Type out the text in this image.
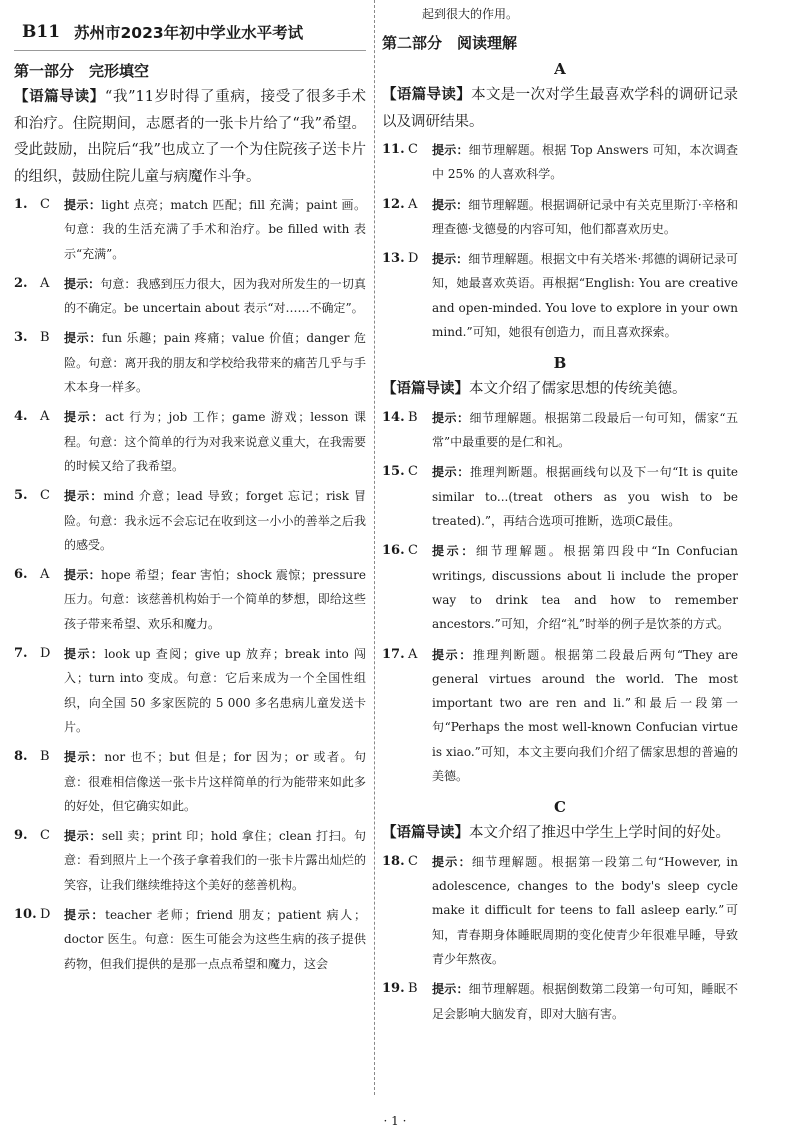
B11 苏州市2023年初中学业水平考试
第一部分　完形填空
【语篇导读】“我”11岁时得了重病，接受了很多手术和治疗。住院期间，志愿者的一张卡片给了“我”希望。受此鼓励，出院后“我”也成立了一个为住院孩子送卡片的组织，鼓励住院儿童与病魔作斗争。
1. C	提示：light 点亮；match 匹配；fill 充满；paint 画。句意：我的生活充满了手术和治疗。be filled with 表示“充满”。
2. A	提示：句意：我感到压力很大，因为我对所发生的一切真的不确定。be uncertain about 表示“对……不确定”。
3. B	提示：fun 乐趣；pain 疼痛；value 价值；danger 危险。句意：离开我的朋友和学校给我带来的痛苦几乎与手术本身一样多。
4. A	提示：act 行为；job 工作；game 游戏；lesson 课程。句意：这个简单的行为对我来说意义重大，在我需要的时候又给了我希望。
5. C	提示：mind 介意；lead 导致；forget 忘记；risk 冒险。句意：我永远不会忘记在收到这一小小的善举之后我的感受。
6. A	提示：hope 希望；fear 害怕；shock 震惊；pressure 压力。句意：该慈善机构始于一个简单的梦想，即给这些孩子带来希望、欢乐和魔力。
7. D	提示：look up 查阅；give up 放弃；break into 闯入；turn into 变成。句意：它后来成为一个全国性组织，向全国 50 多家医院的 5 000 多名患病儿童发送卡片。
8. B	提示：nor 也不；but 但是；for 因为；or 或者。句意：很难相信像送一张卡片这样简单的行为能带来如此多的好处，但它确实如此。
9. C	提示：sell 卖；print 印；hold 拿住；clean 打扫。句意：看到照片上一个孩子拿着我们的一张卡片露出灿烂的笑容，让我们继续维持这个美好的慈善机构。
10. D	提示：teacher 老师；friend 朋友；patient 病人；doctor 医生。句意：医生可能会为这些生病的孩子提供药物，但我们提供的是那一点点希望和魔力，这会
起到很大的作用。
第二部分　阅读理解
A
【语篇导读】本文是一次对学生最喜欢学科的调研记录以及调研结果。
11. C	提示：细节理解题。根据 Top Answers 可知，本次调查中 25% 的人喜欢科学。
12. A	提示：细节理解题。根据调研记录中有关克里斯汀·辛格和理查德·戈德曼的内容可知，他们都喜欢历史。
13. D	提示：细节理解题。根据文中有关塔米·邦德的调研记录可知，她最喜欢英语。再根据“English: You are creative and open-minded. You love to explore in your own mind.”可知，她很有创造力，而且喜欢探索。
B
【语篇导读】本文介绍了儒家思想的传统美德。
14. B	提示：细节理解题。根据第二段最后一句可知，儒家“五常”中最重要的是仁和礼。
15. C	提示：推理判断题。根据画线句以及下一句“It is quite similar to...(treat others as you wish to be treated).”，再结合选项可推断，选项C最佳。
16. C	提示：细节理解题。根据第四段中“In Confucian writings, discussions about li include the proper way to drink tea and how to remember ancestors.”可知，介绍“礼”时举的例子是饮茶的方式。
17. A	提示：推理判断题。根据第二段最后两句“They are general virtues around the world. The most important two are ren and li.”和最后一段第一句“Perhaps the most well-known Confucian virtue is xiao.”可知，本文主要向我们介绍了儒家思想的普遍的美德。
C
【语篇导读】本文介绍了推迟中学生上学时间的好处。
18. C	提示：细节理解题。根据第一段第二句“However, in adolescence, changes to the body's sleep cycle make it difficult for teens to fall asleep early.”可知，青春期身体睡眠周期的变化使青少年很难早睡，导致青少年熬夜。
19. B	提示：细节理解题。根据倒数第二段第一句可知，睡眠不足会影响大脑发育，即对大脑有害。
· 1 ·
